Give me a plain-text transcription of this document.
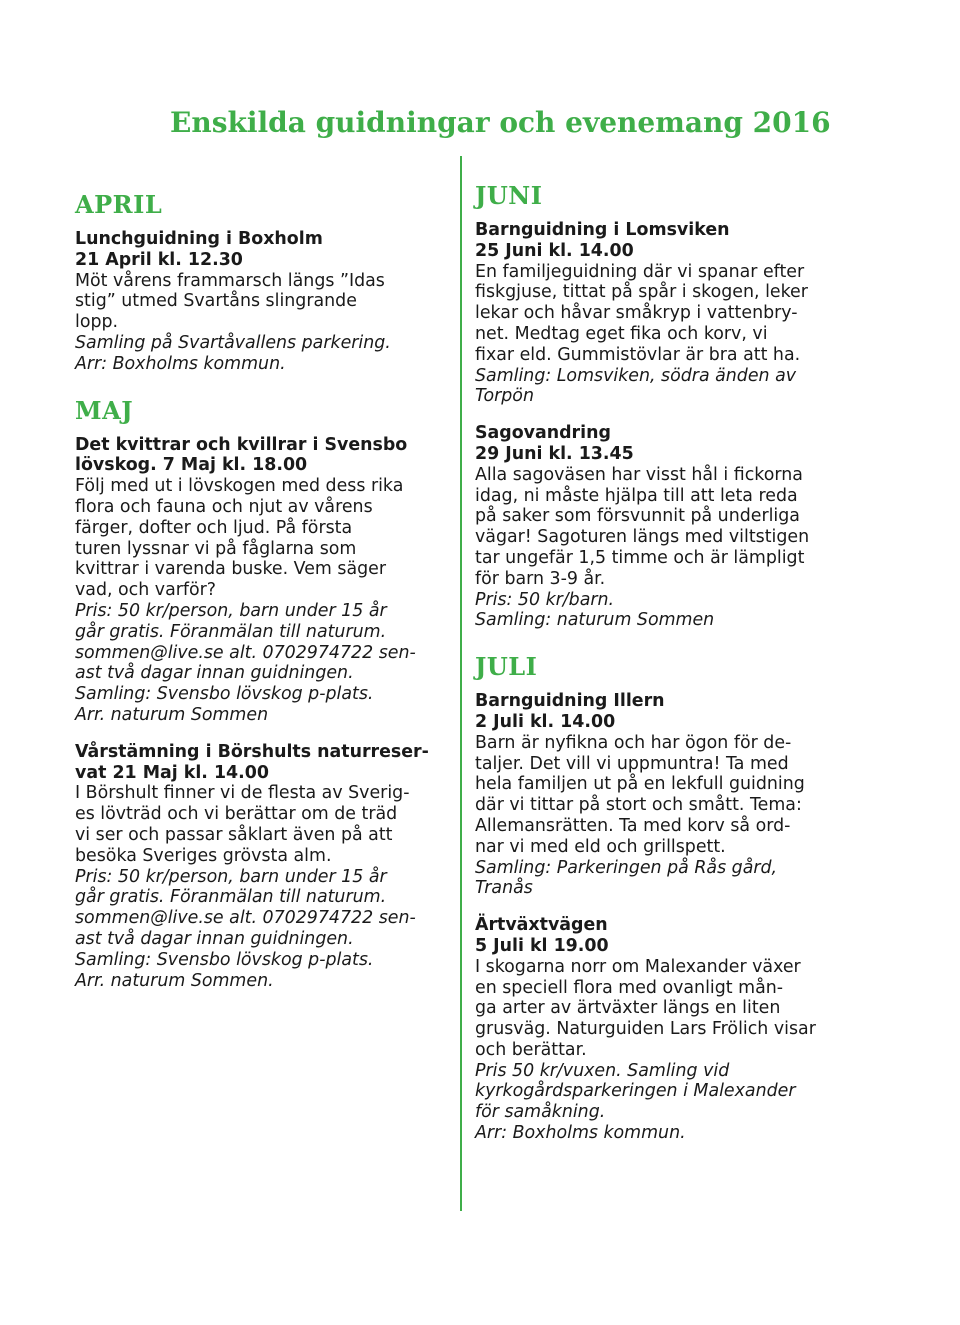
Enskilda guidningar och evenemang 2016
APRIL

Lunchguidning i Boxholm

21 April kl. 12.30

Möt vårens frammarsch längs ”Idas

stig” utmed Svartåns slingrande

lopp.

Samling på Svartåvallens parkering.

Arr: Boxholms kommun.

MAJ

Det kvittrar och kvillrar i Svensbo

lövskog. 7 Maj kl. 18.00

Följ med ut i lövskogen med dess rika

flora och fauna och njut av vårens

färger, dofter och ljud. På första

turen lyssnar vi på fåglarna som

kvittrar i varenda buske. Vem säger

vad, och varför?

Pris: 50 kr/person, barn under 15 år

går gratis. Föranmälan till naturum.

sommen@live.se alt. 0702974722 sen-

ast två dagar innan guidningen.

Samling: Svensbo lövskog p-plats.

Arr. naturum Sommen

Vårstämning i Börshults naturreser-

vat 21 Maj kl. 14.00

I Börshult finner vi de flesta av Sverig-

es lövträd och vi berättar om de träd

vi ser och passar såklart även på att

besöka Sveriges grövsta alm.

Pris: 50 kr/person, barn under 15 år

går gratis. Föranmälan till naturum.

sommen@live.se alt. 0702974722 sen-

ast två dagar innan guidningen.

Samling: Svensbo lövskog p-plats.

Arr. naturum Sommen.

JUNI

Barnguidning i Lomsviken

25 Juni kl. 14.00

En familjeguidning där vi spanar efter

fiskgjuse, tittat på spår i skogen, leker

lekar och håvar småkryp i vattenbry-

net. Medtag eget fika och korv, vi

fixar eld. Gummistövlar är bra att ha.

Samling: Lomsviken, södra änden av

Torpön

Sagovandring

29 Juni kl. 13.45

Alla sagoväsen har visst hål i fickorna

idag, ni måste hjälpa till att leta reda

på saker som försvunnit på underliga

vägar! Sagoturen längs med viltstigen

tar ungefär 1,5 timme och är lämpligt

för barn 3-9 år.

Pris: 50 kr/barn.

Samling: naturum Sommen

JULI

Barnguidning Illern

2 Juli kl. 14.00

Barn är nyfikna och har ögon för de-

taljer. Det vill vi uppmuntra! Ta med

hela familjen ut på en lekfull guidning

där vi tittar på stort och smått. Tema:

Allemansrätten. Ta med korv så ord-

nar vi med eld och grillspett.

Samling: Parkeringen på Rås gård,

Tranås

Ärtväxtvägen

5 Juli kl 19.00

I skogarna norr om Malexander växer

en speciell flora med ovanligt mån-

ga arter av ärtväxter längs en liten

grusväg. Naturguiden Lars Frölich visar

och berättar.

Pris 50 kr/vuxen. Samling vid

kyrkogårdsparkeringen i Malexander

för samåkning.

Arr: Boxholms kommun.
